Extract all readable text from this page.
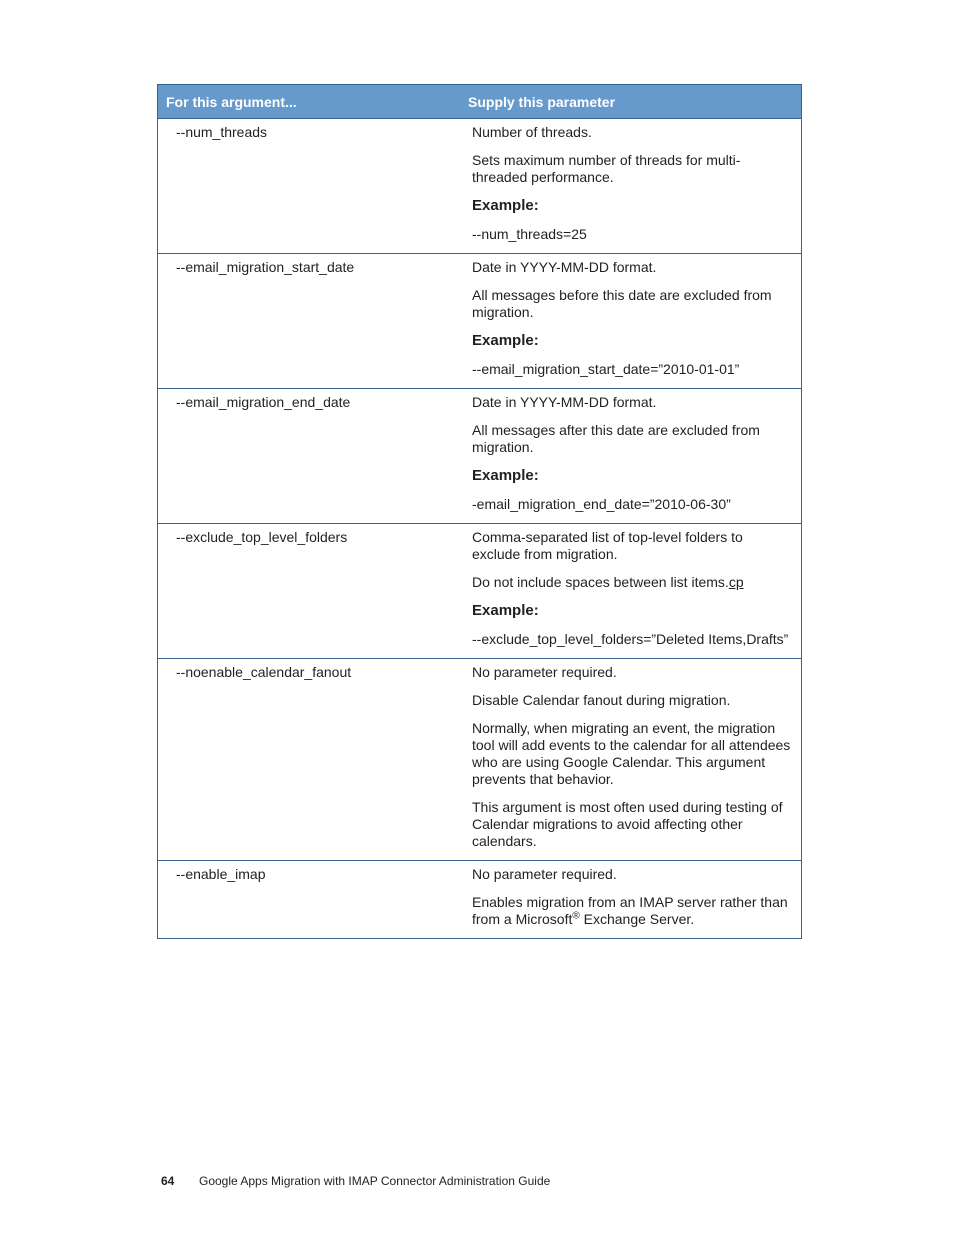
For this argument...	Supply this parameter
--num_threads	Number of threads.

Sets maximum number of threads for multi-threaded performance.

Example:

--num_threads=25

--email_migration_start_date	Date in YYYY-MM-DD format.

All messages before this date are excluded from migration.

Example:

--email_migration_start_date=”2010-01-01”

--email_migration_end_date	Date in YYYY-MM-DD format.

All messages after this date are excluded from migration.

Example:

-email_migration_end_date=”2010-06-30”

--exclude_top_level_folders	Comma-separated list of top-level folders to exclude from migration.

Do not include spaces between list items.cp

Example:

--exclude_top_level_folders=”Deleted Items,Drafts”

--noenable_calendar_fanout	No parameter required.

Disable Calendar fanout during migration.

Normally, when migrating an event, the migration tool will add events to the calendar for all attendees who are using Google Calendar. This argument prevents that behavior.

This argument is most often used during testing of Calendar migrations to avoid affecting other calendars.

--enable_imap	No parameter required.

Enables migration from an IMAP server rather than from a Microsoft® Exchange Server.

64 Google Apps Migration with IMAP Connector Administration Guide
